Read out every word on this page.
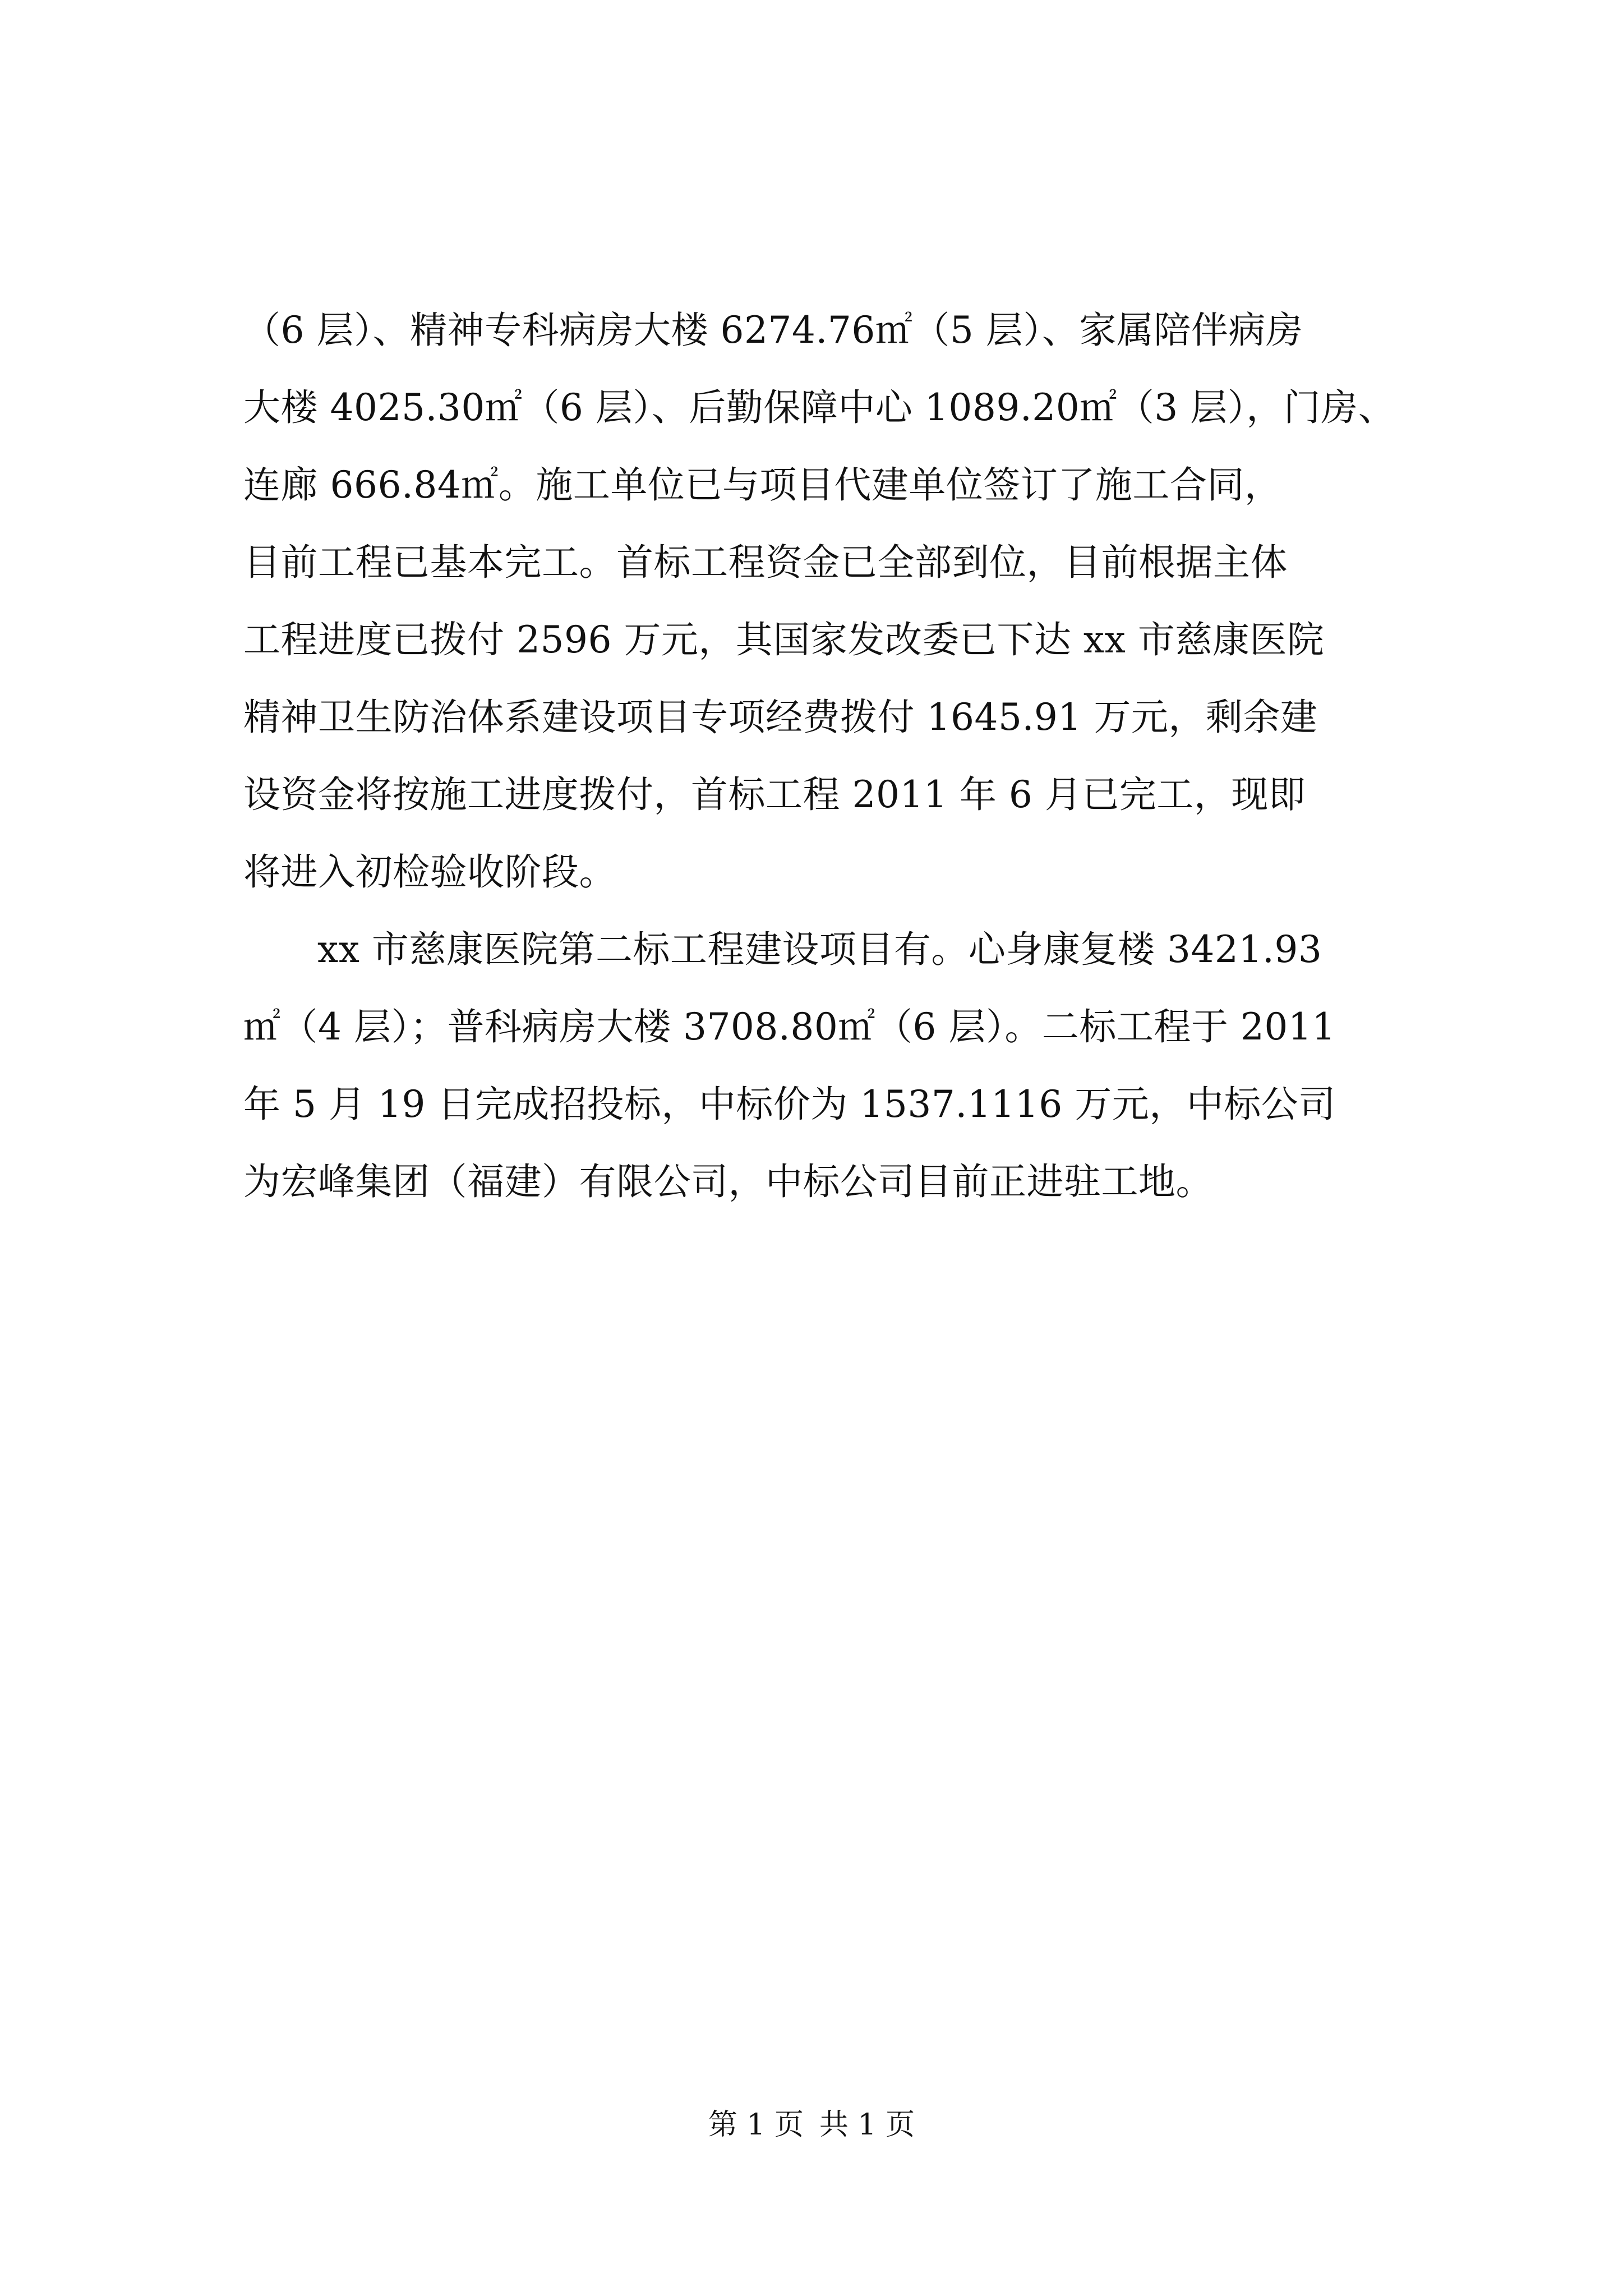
（6 层）、精神专科病房大楼 6274.76㎡（5 层）、家属陪伴病房
大楼 4025.30㎡（6 层）、后勤保障中心 1089.20㎡（3 层），门房、
连廊 666.84㎡。施工单位已与项目代建单位签订了施工合同，
目前工程已基本完工。首标工程资金已全部到位，目前根据主体
工程进度已拨付 2596 万元，其国家发改委已下达 xx 市慈康医院
精神卫生防治体系建设项目专项经费拨付 1645.91 万元，剩余建
设资金将按施工进度拨付，首标工程 2011 年 6 月已完工，现即
将进入初检验收阶段。
xx 市慈康医院第二标工程建设项目有。心身康复楼 3421.93
㎡（4 层）；普科病房大楼 3708.80㎡（6 层）。二标工程于 2011
年 5 月 19 日完成招投标，中标价为 1537.1116 万元，中标公司
为宏峰集团（福建）有限公司，中标公司目前正进驻工地。
第 1 页 共 1 页
